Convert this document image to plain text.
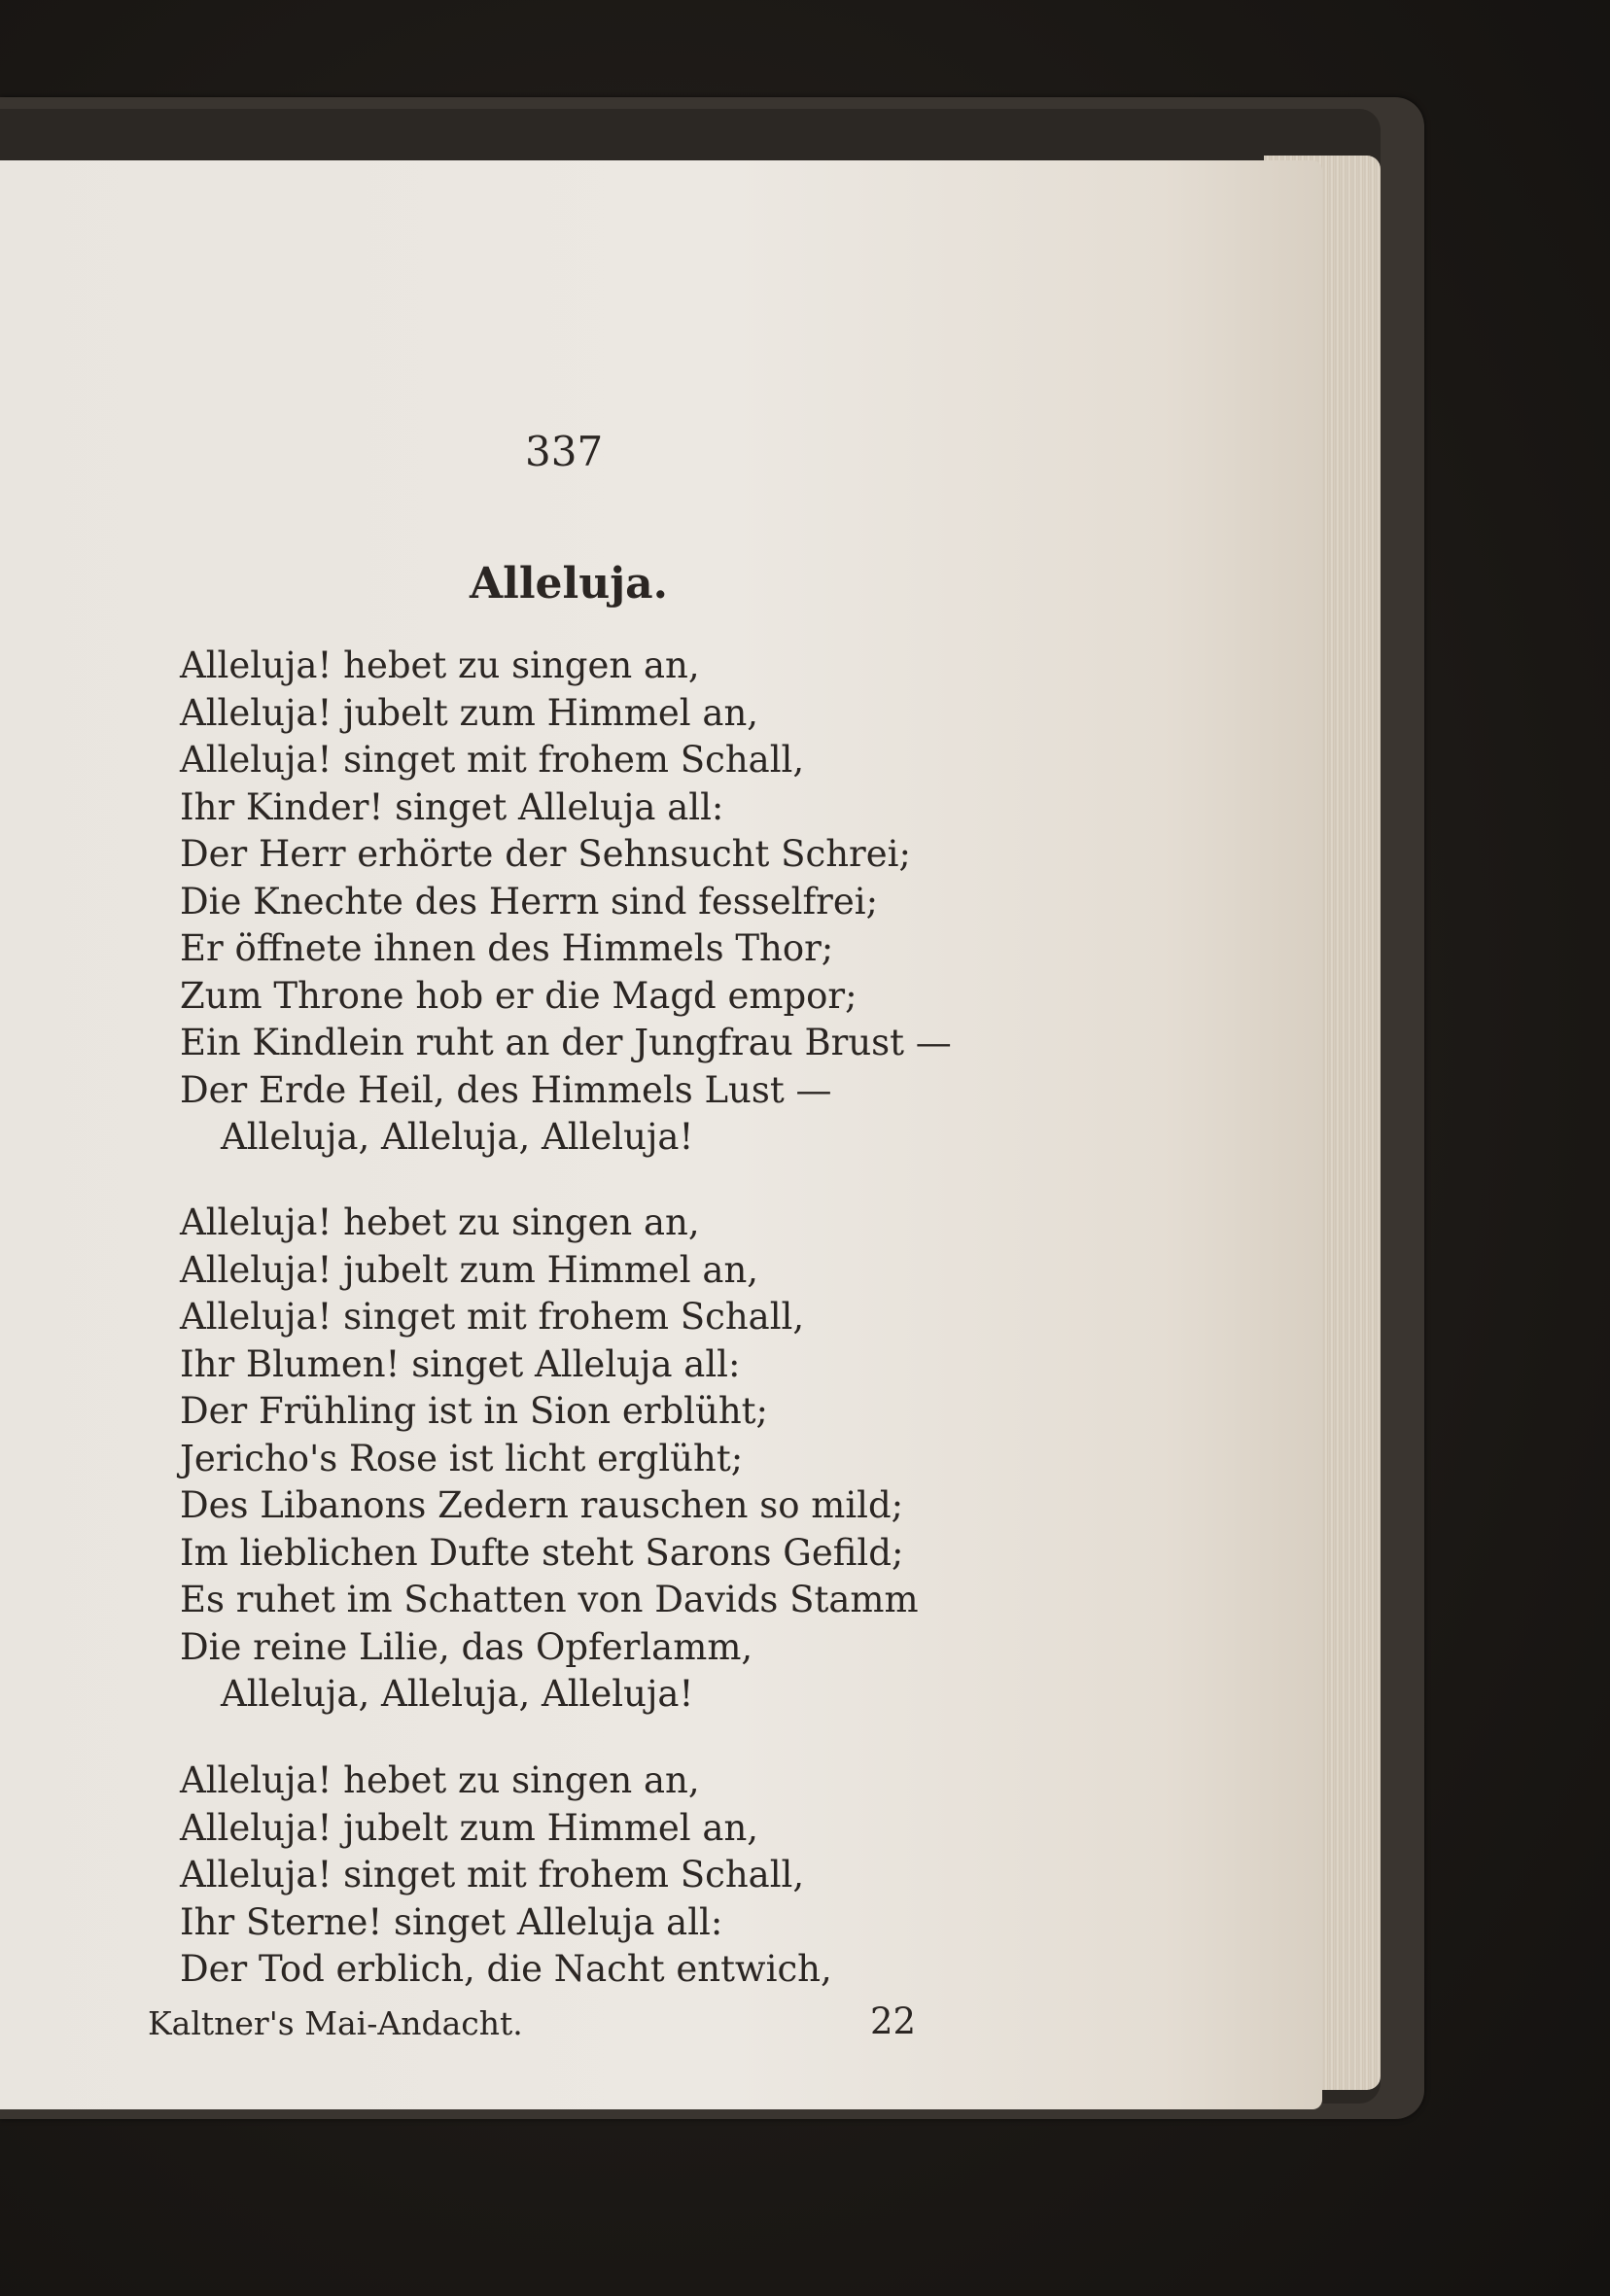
337
Alleluja.
Alleluja! hebet zu singen an,
Alleluja! jubelt zum Himmel an,
Alleluja! singet mit frohem Schall,
Ihr Kinder! singet Alleluja all:
Der Herr erhörte der Sehnsucht Schrei;
Die Knechte des Herrn sind fesselfrei;
Er öffnete ihnen des Himmels Thor;
Zum Throne hob er die Magd empor;
Ein Kindlein ruht an der Jungfrau Brust —
Der Erde Heil, des Himmels Lust —
Alleluja, Alleluja, Alleluja!
Alleluja! hebet zu singen an,
Alleluja! jubelt zum Himmel an,
Alleluja! singet mit frohem Schall,
Ihr Blumen! singet Alleluja all:
Der Frühling ist in Sion erblüht;
Jericho's Rose ist licht erglüht;
Des Libanons Zedern rauschen so mild;
Im lieblichen Dufte steht Sarons Gefild;
Es ruhet im Schatten von Davids Stamm
Die reine Lilie, das Opferlamm,
Alleluja, Alleluja, Alleluja!
Alleluja! hebet zu singen an,
Alleluja! jubelt zum Himmel an,
Alleluja! singet mit frohem Schall,
Ihr Sterne! singet Alleluja all:
Der Tod erblich, die Nacht entwich,
Kaltner's Mai-Andacht.	22
